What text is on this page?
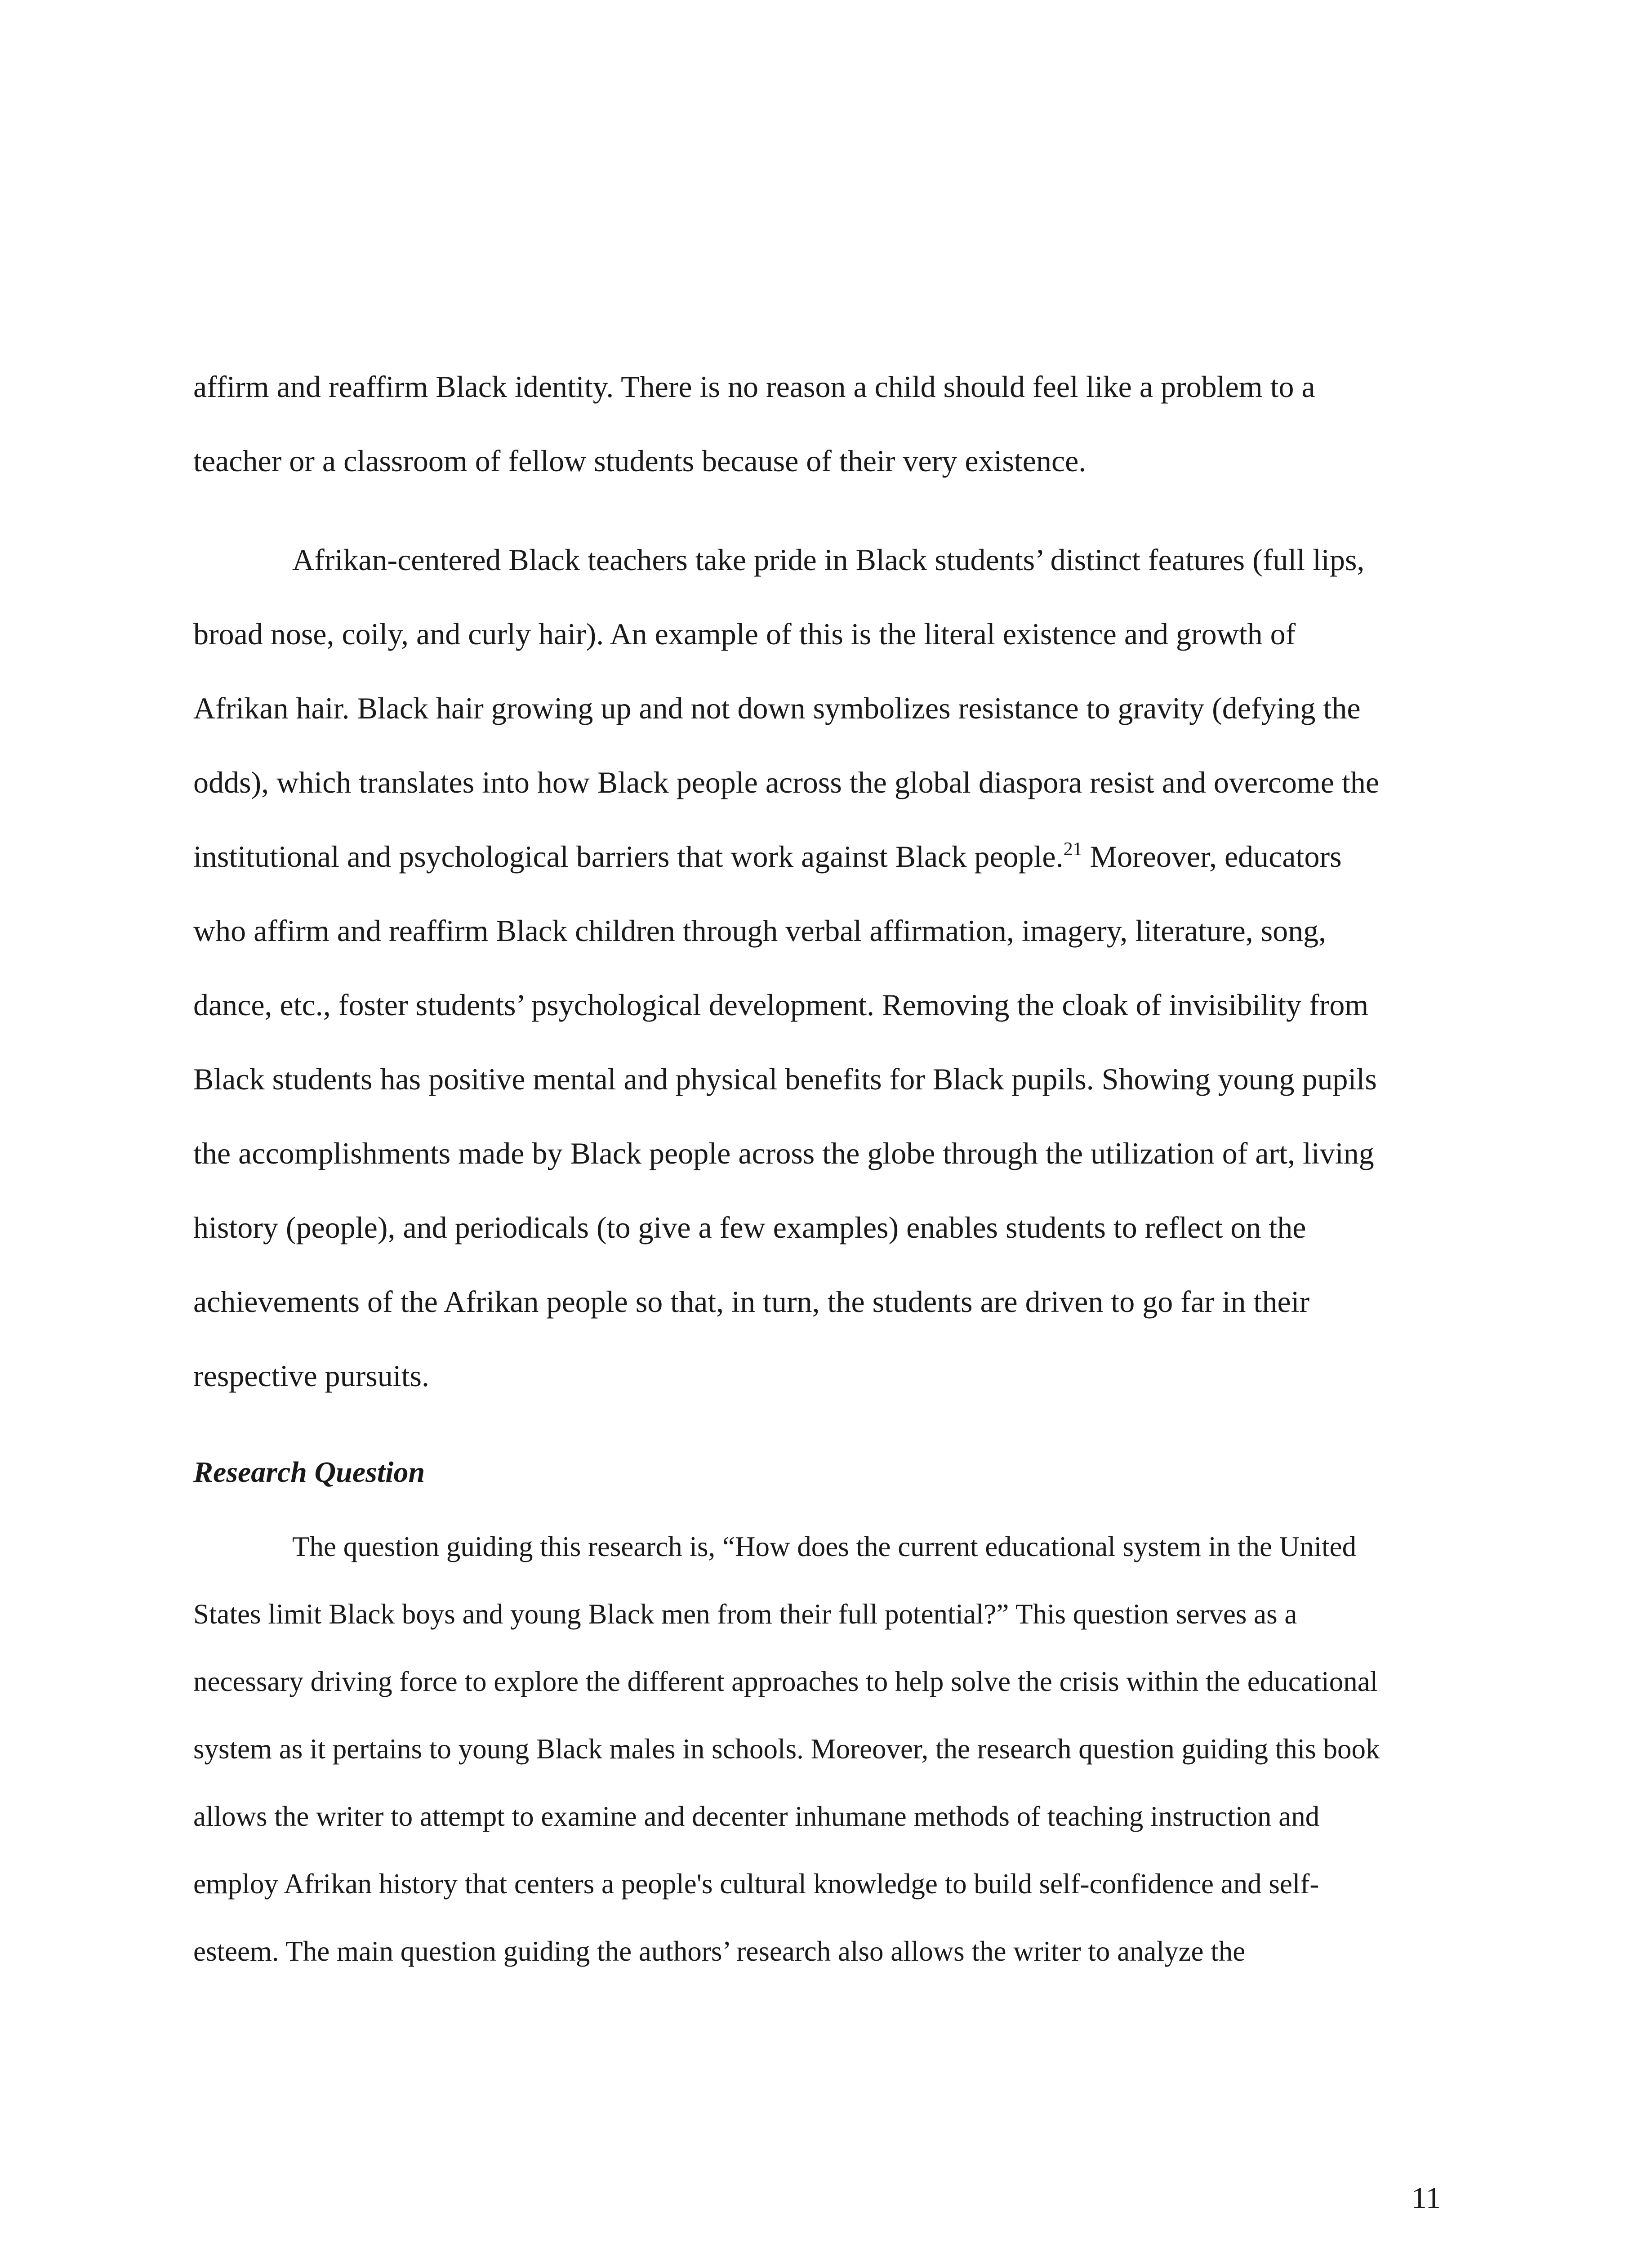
affirm and reaffirm Black identity. There is no reason a child should feel like a problem to a

teacher or a classroom of fellow students because of their very existence.

Afrikan-centered Black teachers take pride in Black students’ distinct features (full lips,

broad nose, coily, and curly hair). An example of this is the literal existence and growth of

Afrikan hair. Black hair growing up and not down symbolizes resistance to gravity (defying the

odds), which translates into how Black people across the global diaspora resist and overcome the

institutional and psychological barriers that work against Black people.$^{21}$ Moreover, educators

who affirm and reaffirm Black children through verbal affirmation, imagery, literature, song,

dance, etc., foster students’ psychological development. Removing the cloak of invisibility from

Black students has positive mental and physical benefits for Black pupils. Showing young pupils

the accomplishments made by Black people across the globe through the utilization of art, living

history (people), and periodicals (to give a few examples) enables students to reflect on the

achievements of the Afrikan people so that, in turn, the students are driven to go far in their

respective pursuits.

Research Question

The question guiding this research is, “How does the current educational system in the United

States limit Black boys and young Black men from their full potential?” This question serves as a

necessary driving force to explore the different approaches to help solve the crisis within the educational

system as it pertains to young Black males in schools. Moreover, the research question guiding this book

allows the writer to attempt to examine and decenter inhumane methods of teaching instruction and

employ Afrikan history that centers a people's cultural knowledge to build self-confidence and self-

esteem. The main question guiding the authors’ research also allows the writer to analyze the

11
